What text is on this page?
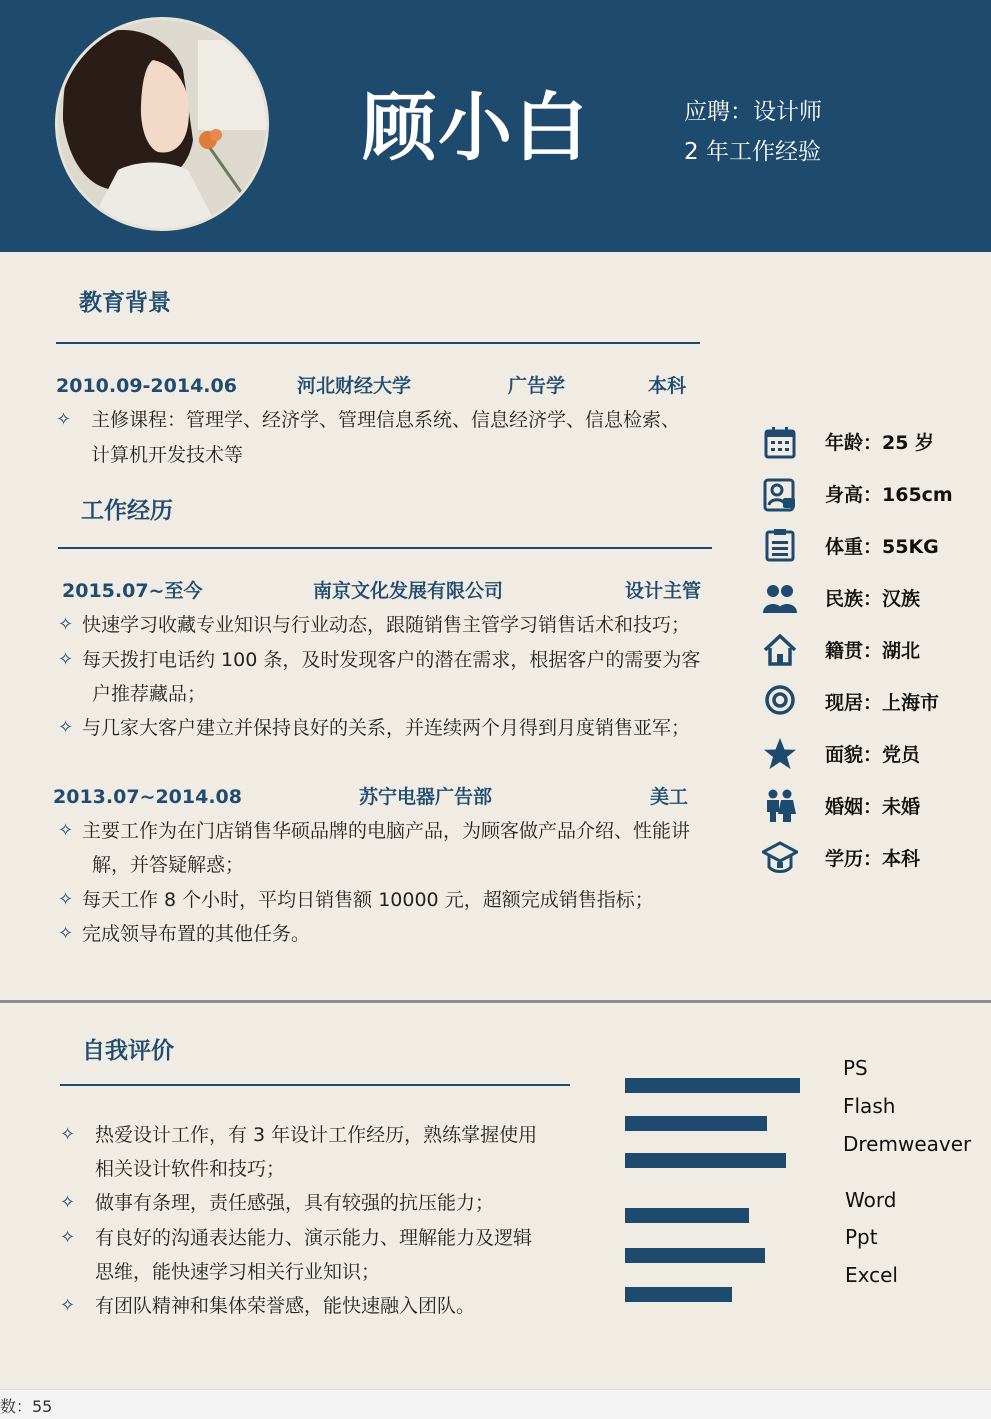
顾小白	应聘：设计师
2 年工作经验
教育背景
2010.09-2014.06	河北财经大学	广告学	本科
✧ 主修课程：管理学、经济学、管理信息系统、信息经济学、信息检索、
计算机开发技术等
工作经历
2015.07~至今	南京文化发展有限公司	设计主管
✧ 快速学习收藏专业知识与行业动态，跟随销售主管学习销售话术和技巧；
✧ 每天拨打电话约 100 条，及时发现客户的潜在需求，根据客户的需要为客
户推荐藏品；
✧ 与几家大客户建立并保持良好的关系，并连续两个月得到月度销售亚军；
2013.07~2014.08	苏宁电器广告部	美工
✧ 主要工作为在门店销售华硕品牌的电脑产品，为顾客做产品介绍、性能讲
解，并答疑解惑；
✧ 每天工作 8 个小时，平均日销售额 10000 元，超额完成销售指标；
✧ 完成领导布置的其他任务。
年龄：25 岁
身高：165cm
体重：55KG
民族：汉族
籍贯：湖北
现居：上海市
面貌：党员
婚姻：未婚
学历：本科
自我评价
✧ 热爱设计工作，有 3 年设计工作经历，熟练掌握使用
相关设计软件和技巧；
✧ 做事有条理，责任感强，具有较强的抗压能力；
✧ 有良好的沟通表达能力、演示能力、理解能力及逻辑
思维，能快速学习相关行业知识；
✧ 有团队精神和集体荣誉感，能快速融入团队。
PS
Flash
Dremweaver
Word
Ppt
Excel
数：55
